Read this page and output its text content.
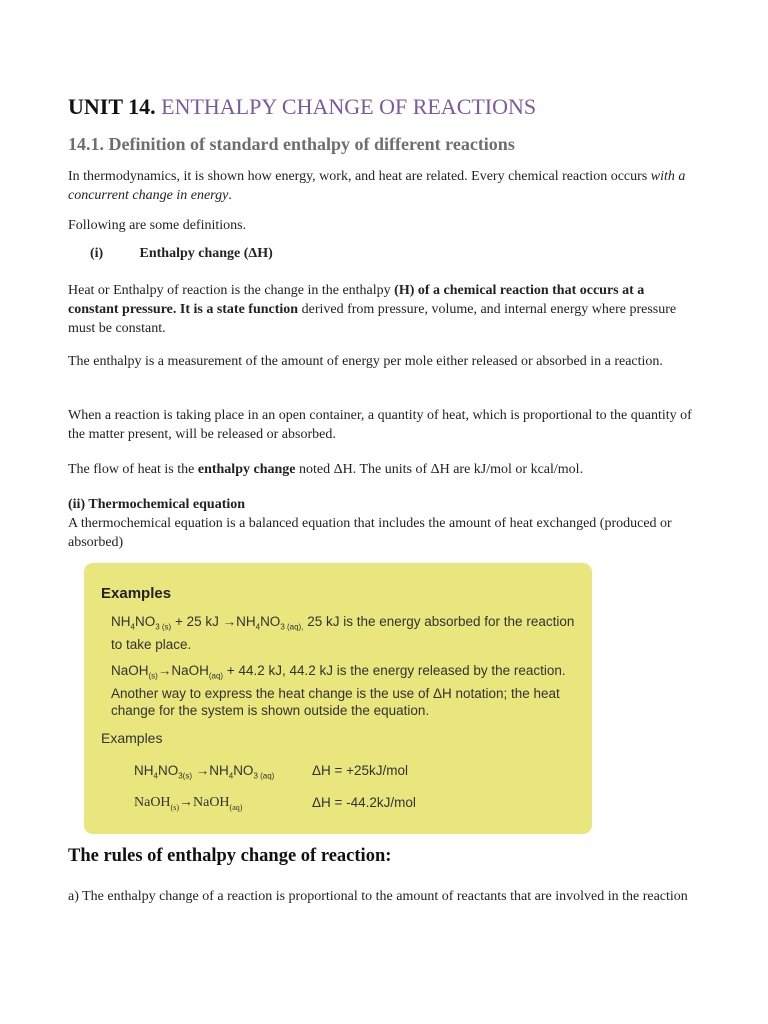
UNIT 14. ENTHALPY CHANGE OF REACTIONS
14.1. Definition of standard enthalpy of different reactions
In thermodynamics, it is shown how energy, work, and heat are related. Every chemical reaction occurs with a concurrent change in energy.
Following are some definitions.
(i)	Enthalpy change (ΔH)
Heat or Enthalpy of reaction is the change in the enthalpy (H) of a chemical reaction that occurs at a constant pressure. It is a state function derived from pressure, volume, and internal energy where pressure must be constant.
The enthalpy is a measurement of the amount of energy per mole either released or absorbed in a reaction.
When a reaction is taking place in an open container, a quantity of heat, which is proportional to the quantity of the matter present, will be released or absorbed.
The flow of heat is the enthalpy change noted ΔH. The units of ΔH are kJ/mol or kcal/mol.
(ii) Thermochemical equation
A thermochemical equation is a balanced equation that includes the amount of heat exchanged (produced or absorbed)
Examples
$NH_4NO_{3 (s)} + 25$ kJ $\to NH_4NO_{3 (aq),}$ 25 kJ is the energy absorbed for the reaction to take place.
NaOH$_{(s)}$→NaOH$_{(aq)}$ + 44.2 kJ, 44.2 kJ is the energy released by the reaction. Another way to express the heat change is the use of ΔH notation; the heat change for the system is shown outside the equation.
Examples
$NH_4NO_{3(s)} \to NH_4NO_{3 (aq)}$	ΔH = +25kJ/mol
NaOH$_{(s)}$→NaOH$_{(aq)}$	ΔH = -44.2kJ/mol
The rules of enthalpy change of reaction:
a) The enthalpy change of a reaction is proportional to the amount of reactants that are involved in the reaction
